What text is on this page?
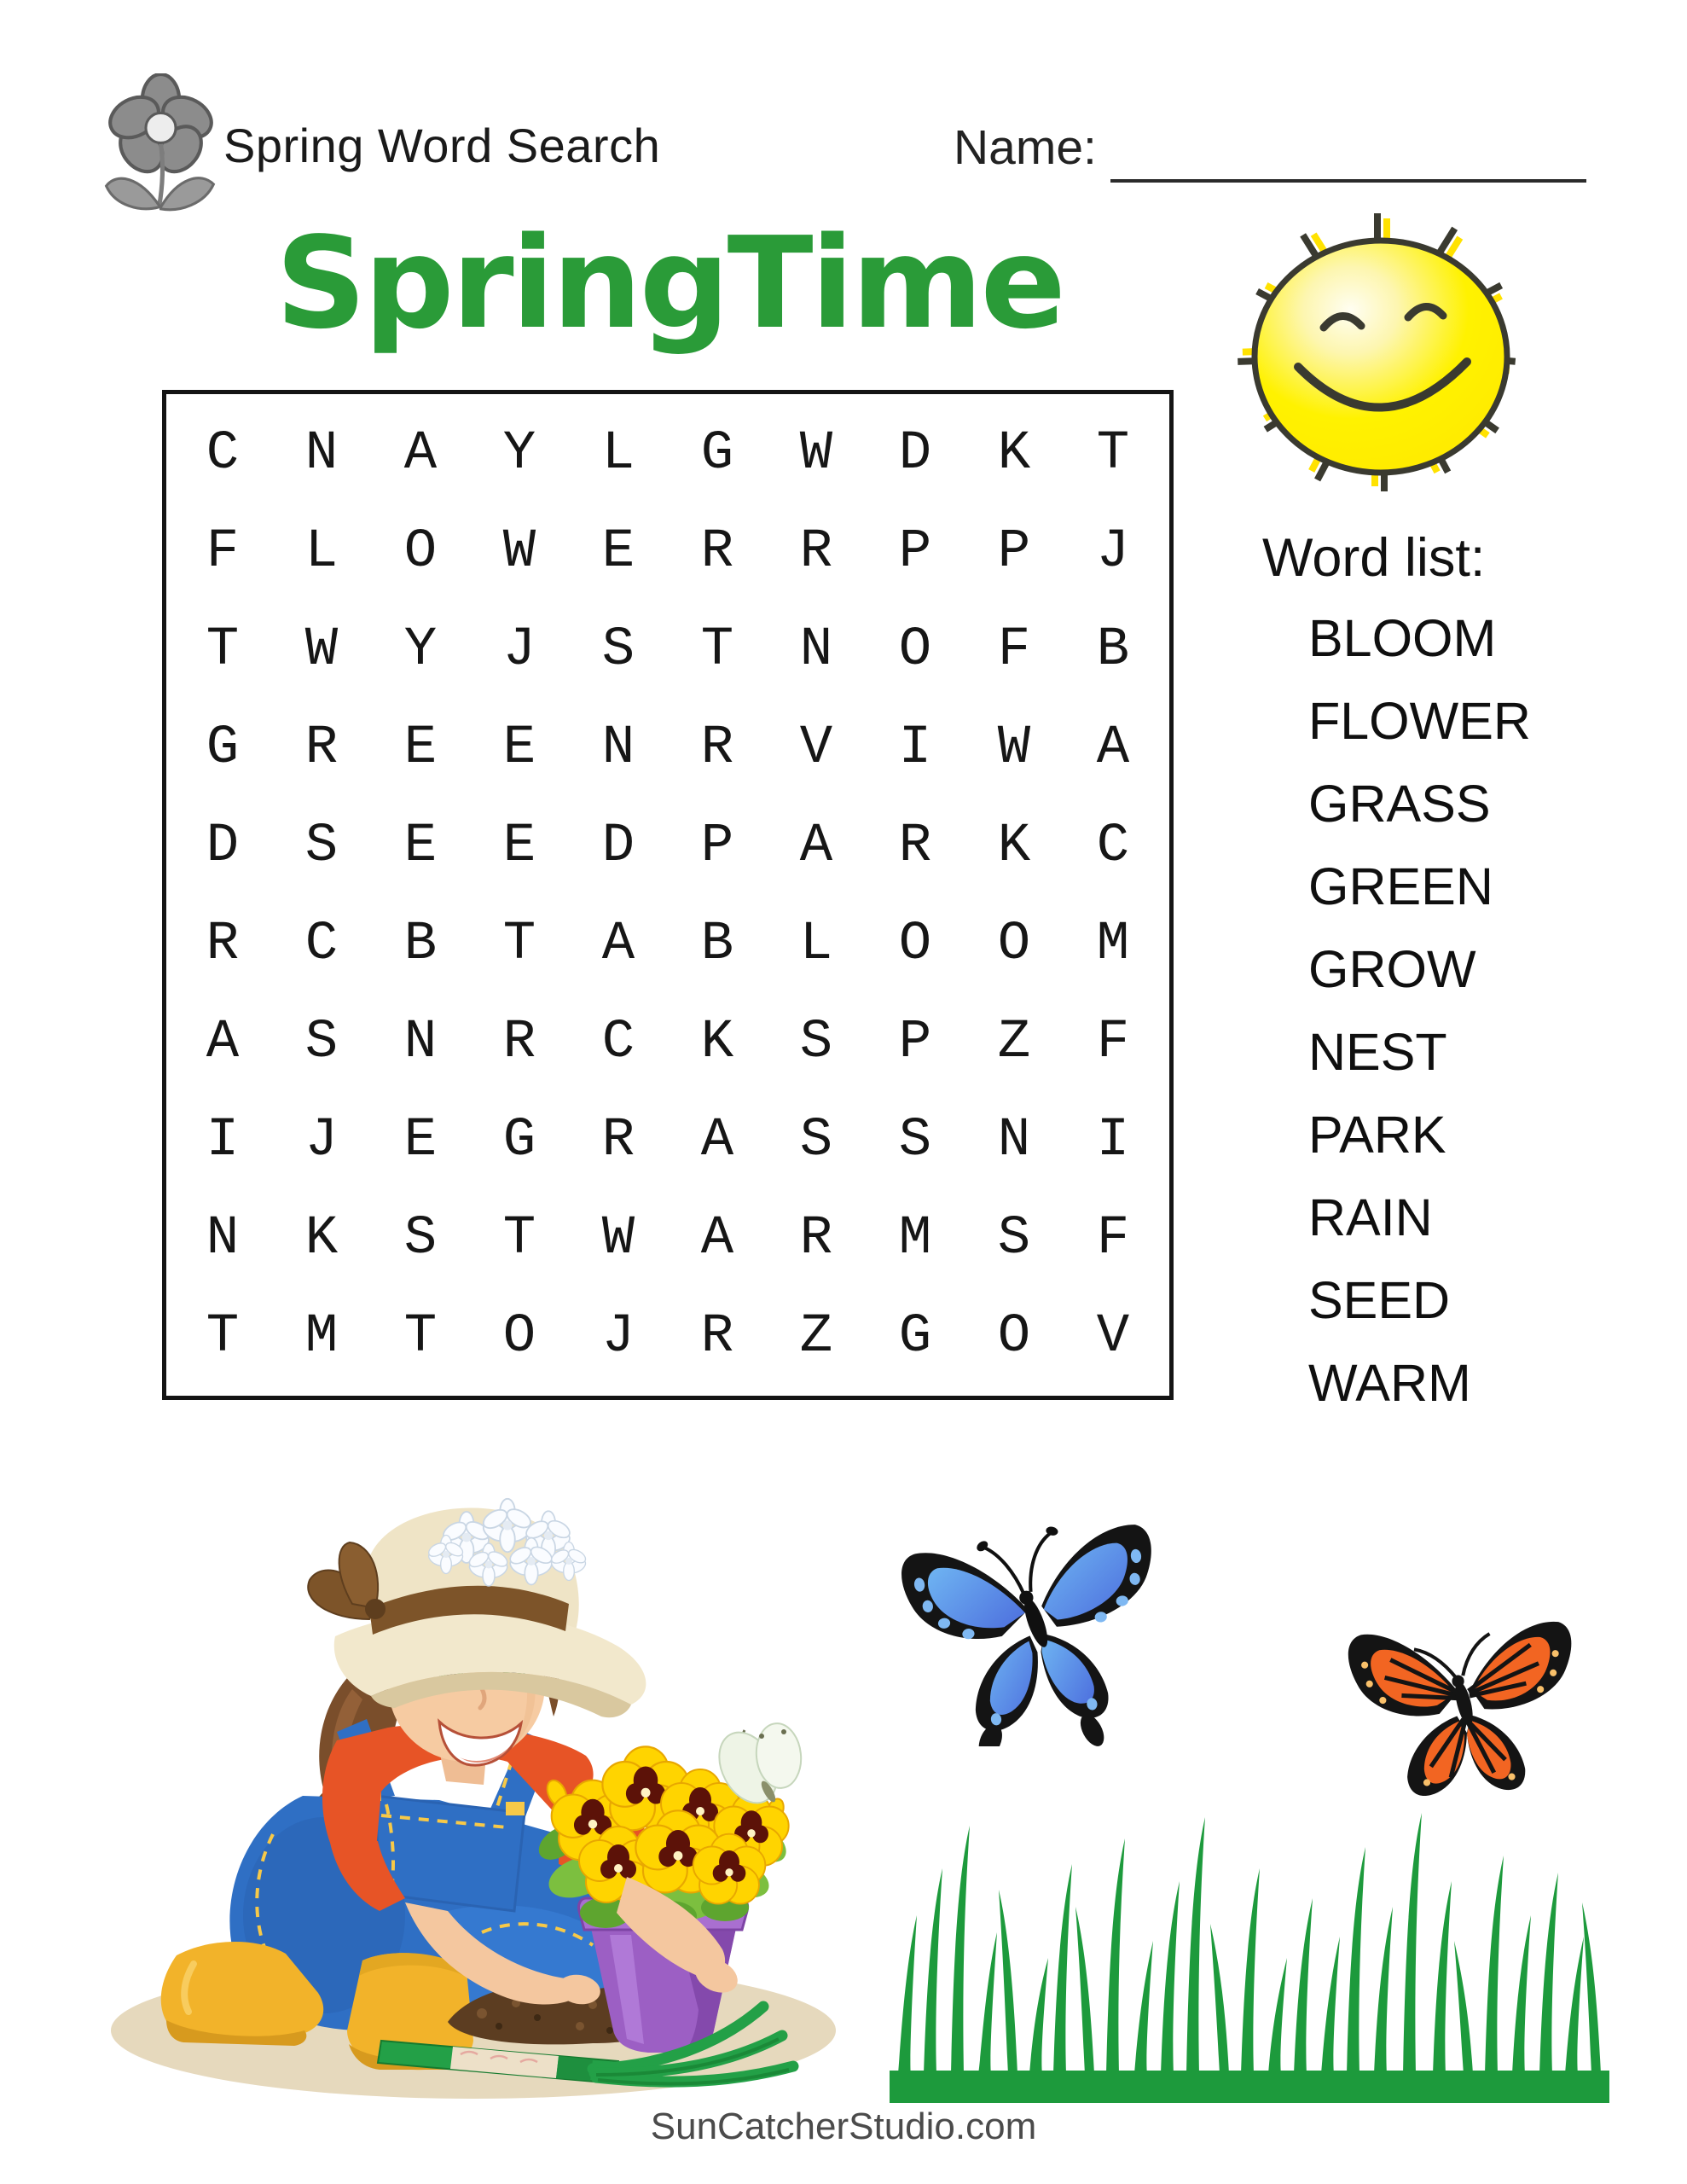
Spring Word Search	Name:
SpringTime
C	N	A	Y	L	G	W	D	K	T
F	L	O	W	E	R	R	P	P	J
T	W	Y	J	S	T	N	O	F	B
G	R	E	E	N	R	V	I	W	A
D	S	E	E	D	P	A	R	K	C
R	C	B	T	A	B	L	O	O	M
A	S	N	R	C	K	S	P	Z	F
I	J	E	G	R	A	S	S	N	I
N	K	S	T	W	A	R	M	S	F
T	M	T	O	J	R	Z	G	O	V
Word list:
BLOOM
FLOWER
GRASS
GREEN
GROW
NEST
PARK
RAIN
SEED
WARM
SunCatcherStudio.com
